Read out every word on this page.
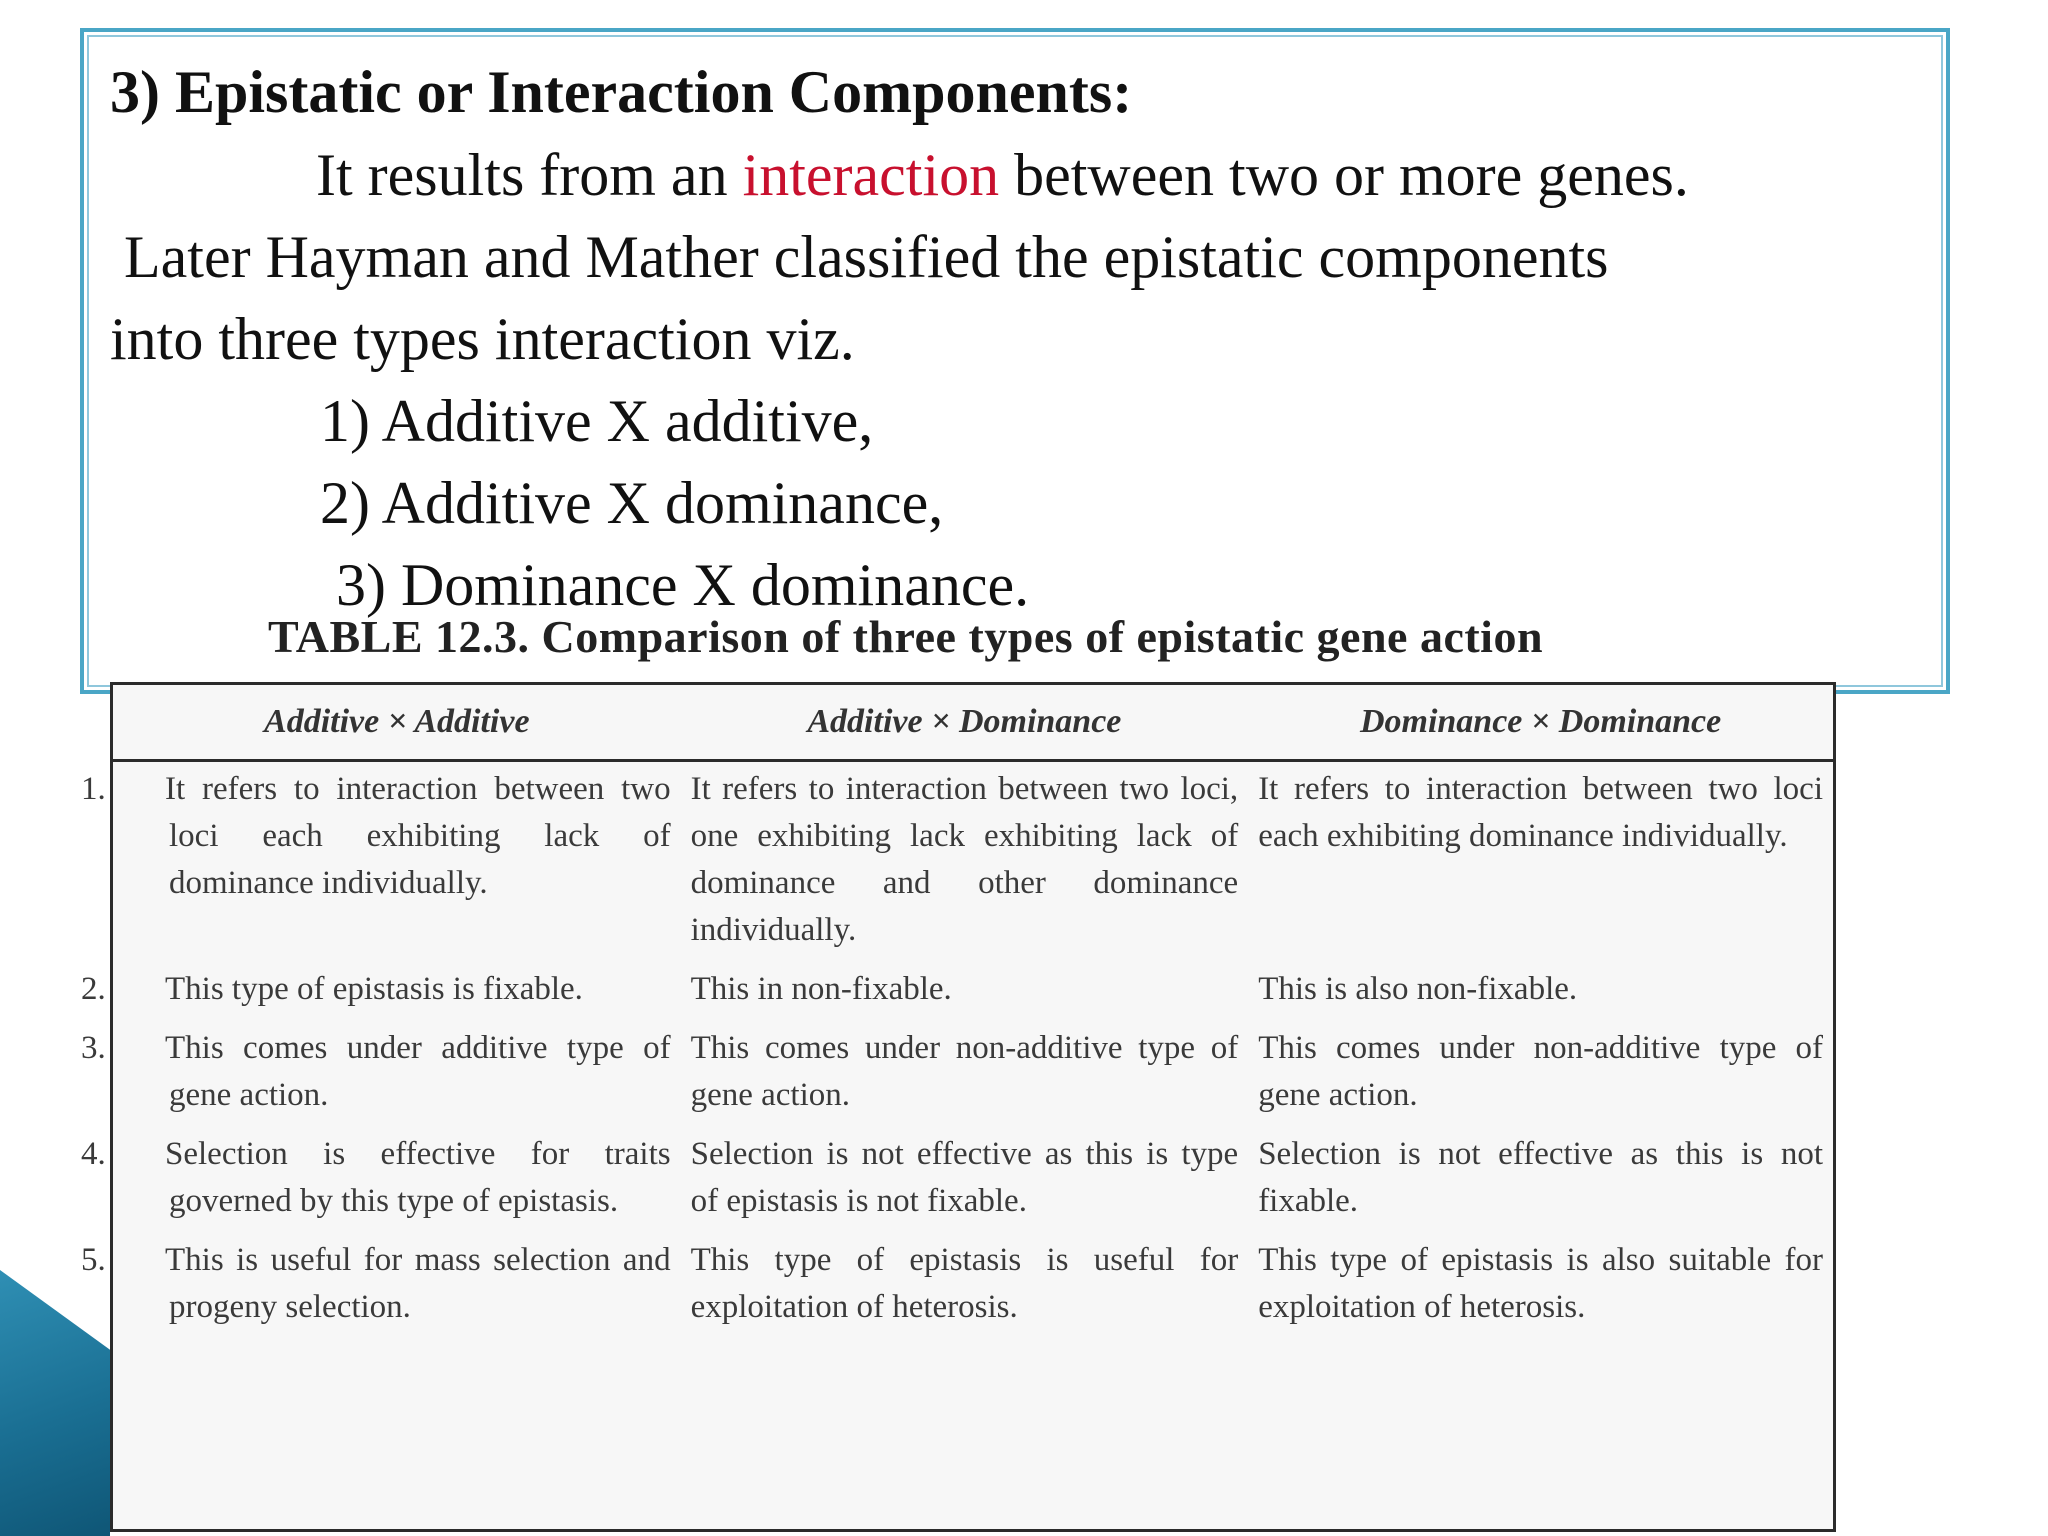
3) Epistatic or Interaction Components:

It results from an interaction between two or more genes.

Later Hayman and Mather classified the epistatic components

into three types interaction viz.

1) Additive X additive,

2) Additive X dominance,

3) Dominance X dominance.

TABLE 12.3. Comparison of three types of epistatic gene action
Additive × Additive	Additive × Dominance	Dominance × Dominance
1. It refers to interaction between two loci each exhibiting lack of dominance individually.	It refers to interaction between two loci, one exhibiting lack exhibiting lack of dominance and other dominance individually.	It refers to interaction between two loci each exhibiting dominance individually.
2. This type of epistasis is fixable.	This in non-fixable.	This is also non-fixable.
3. This comes under additive type of gene action.	This comes under non-additive type of gene action.	This comes under non-additive type of gene action.
4. Selection is effective for traits governed by this type of epistasis.	Selection is not effective as this is type of epistasis is not fixable.	Selection is not effective as this is not fixable.
5. This is useful for mass selection and progeny selection.	This type of epistasis is useful for exploitation of heterosis.	This type of epistasis is also suitable for exploitation of heterosis.
